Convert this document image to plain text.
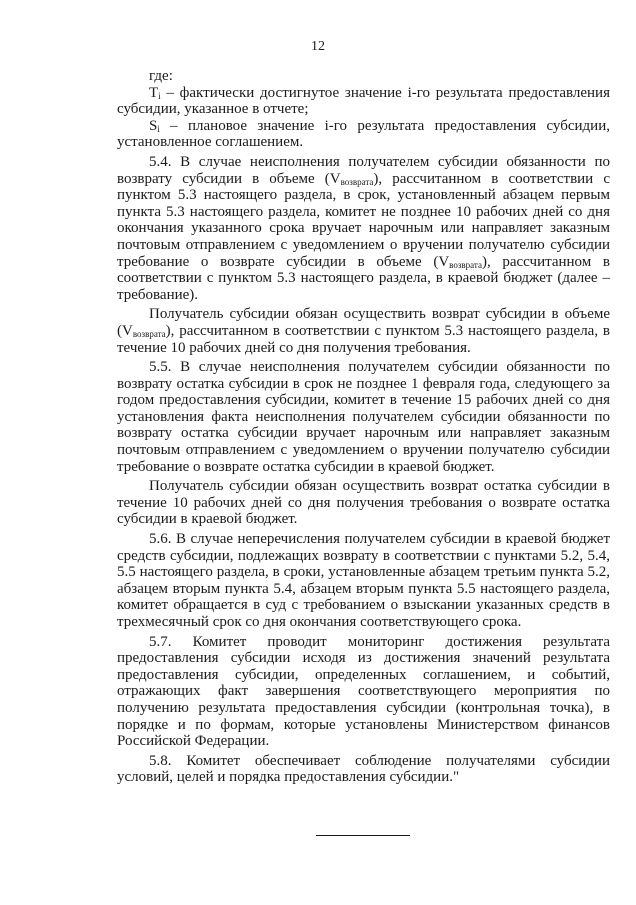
12

где:

$T_i$ – фактически достигнутое значение i-го результата предоставления субсидии, указанное в отчете;

$S_i$ – плановое значение i-го результата предоставления субсидии, установленное соглашением.

5.4. В случае неисполнения получателем субсидии обязанности по возврату субсидии в объеме $(V_{возврата})$, рассчитанном в соответствии с пунктом 5.3 настоящего раздела, в срок, установленный абзацем первым пункта 5.3 настоящего раздела, комитет не позднее 10 рабочих дней со дня окончания указанного срока вручает нарочным или направляет заказным почтовым отправлением с уведомлением о вручении получателю субсидии требование о возврате субсидии в объеме $(V_{возврата})$, рассчитанном в соответствии с пунктом 5.3 настоящего раздела, в краевой бюджет (далее – требование).

Получатель субсидии обязан осуществить возврат субсидии в объеме $(V_{возврата})$, рассчитанном в соответствии с пунктом 5.3 настоящего раздела, в течение 10 рабочих дней со дня получения требования.

5.5. В случае неисполнения получателем субсидии обязанности по возврату остатка субсидии в срок не позднее 1 февраля года, следующего за годом предоставления субсидии, комитет в течение 15 рабочих дней со дня установления факта неисполнения получателем субсидии обязанности по возврату остатка субсидии вручает нарочным или направляет заказным почтовым отправлением с уведомлением о вручении получателю субсидии требование о возврате остатка субсидии в краевой бюджет.

Получатель субсидии обязан осуществить возврат остатка субсидии в течение 10 рабочих дней со дня получения требования о возврате остатка субсидии в краевой бюджет.

5.6. В случае неперечисления получателем субсидии в краевой бюджет средств субсидии, подлежащих возврату в соответствии с пунктами 5.2, 5.4, 5.5 настоящего раздела, в сроки, установленные абзацем третьим пункта 5.2, абзацем вторым пункта 5.4, абзацем вторым пункта 5.5 настоящего раздела, комитет обращается в суд с требованием о взыскании указанных средств в трехмесячный срок со дня окончания соответствующего срока.

5.7. Комитет проводит мониторинг достижения результата предоставления субсидии исходя из достижения значений результата предоставления субсидии, определенных соглашением, и событий, отражающих факт завершения соответствующего мероприятия по получению результата предоставления субсидии (контрольная точка), в порядке и по формам, которые установлены Министерством финансов Российской Федерации.

5.8. Комитет обеспечивает соблюдение получателями субсидии условий, целей и порядка предоставления субсидии."
